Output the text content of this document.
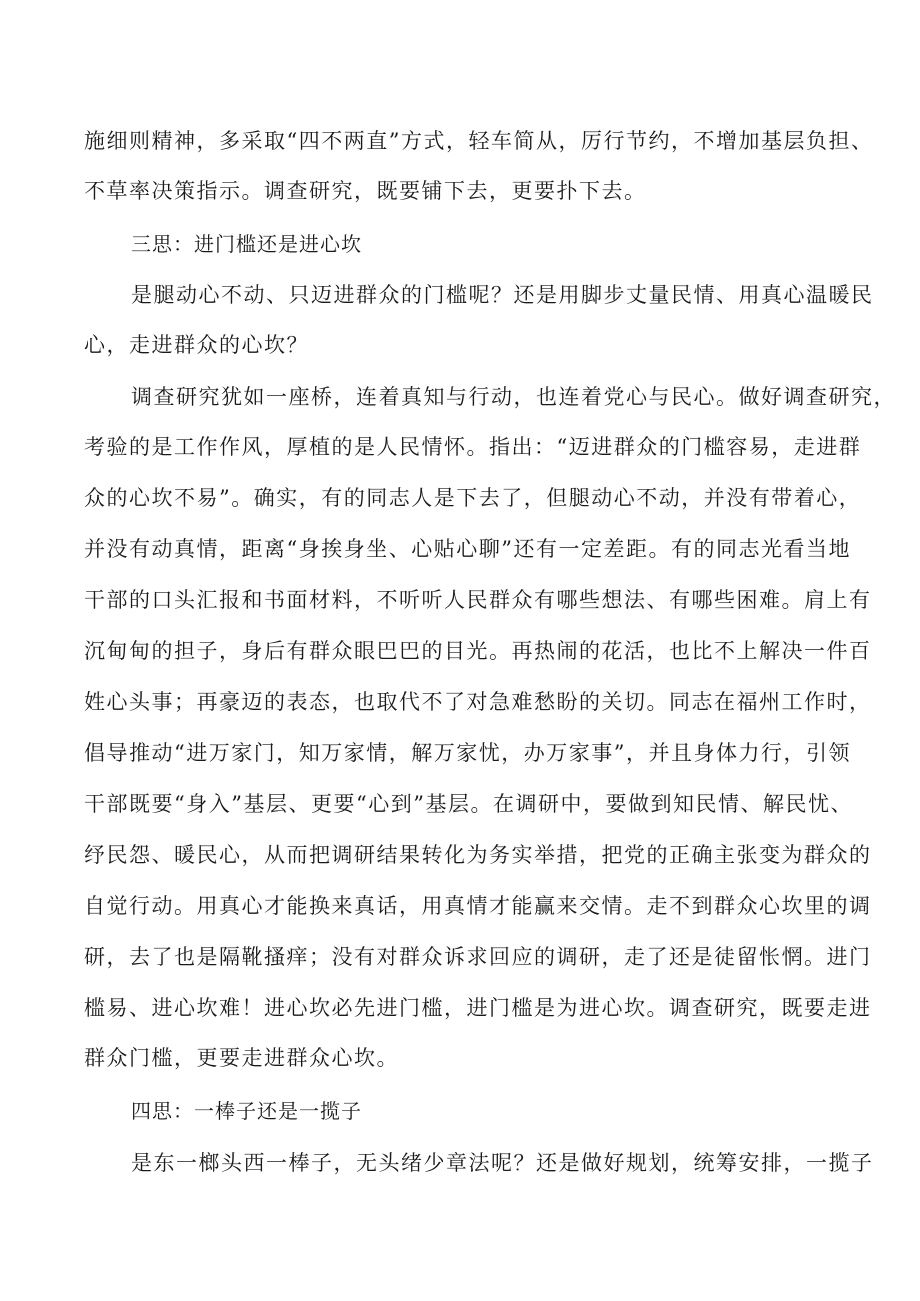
施细则精神，多采取“四不两直”方式，轻车简从，厉行节约，不增加基层负担、
不草率决策指示。调查研究，既要铺下去，更要扑下去。
三思：进门槛还是进心坎
是腿动心不动、只迈进群众的门槛呢？还是用脚步丈量民情、用真心温暖民
心，走进群众的心坎？
调查研究犹如一座桥，连着真知与行动，也连着党心与民心。做好调查研究，
考验的是工作作风，厚植的是人民情怀。指出：“迈进群众的门槛容易，走进群
众的心坎不易”。确实，有的同志人是下去了，但腿动心不动，并没有带着心，
并没有动真情，距离“身挨身坐、心贴心聊”还有一定差距。有的同志光看当地
干部的口头汇报和书面材料，不听听人民群众有哪些想法、有哪些困难。肩上有
沉甸甸的担子，身后有群众眼巴巴的目光。再热闹的花活，也比不上解决一件百
姓心头事；再豪迈的表态，也取代不了对急难愁盼的关切。同志在福州工作时，
倡导推动“进万家门，知万家情，解万家忧，办万家事”，并且身体力行，引领
干部既要“身入”基层、更要“心到”基层。在调研中，要做到知民情、解民忧、
纾民怨、暖民心，从而把调研结果转化为务实举措，把党的正确主张变为群众的
自觉行动。用真心才能换来真话，用真情才能赢来交情。走不到群众心坎里的调
研，去了也是隔靴搔痒；没有对群众诉求回应的调研，走了还是徒留怅惘。进门
槛易、进心坎难！进心坎必先进门槛，进门槛是为进心坎。调查研究，既要走进
群众门槛，更要走进群众心坎。
四思：一棒子还是一揽子
是东一榔头西一棒子，无头绪少章法呢？还是做好规划，统筹安排，一揽子
